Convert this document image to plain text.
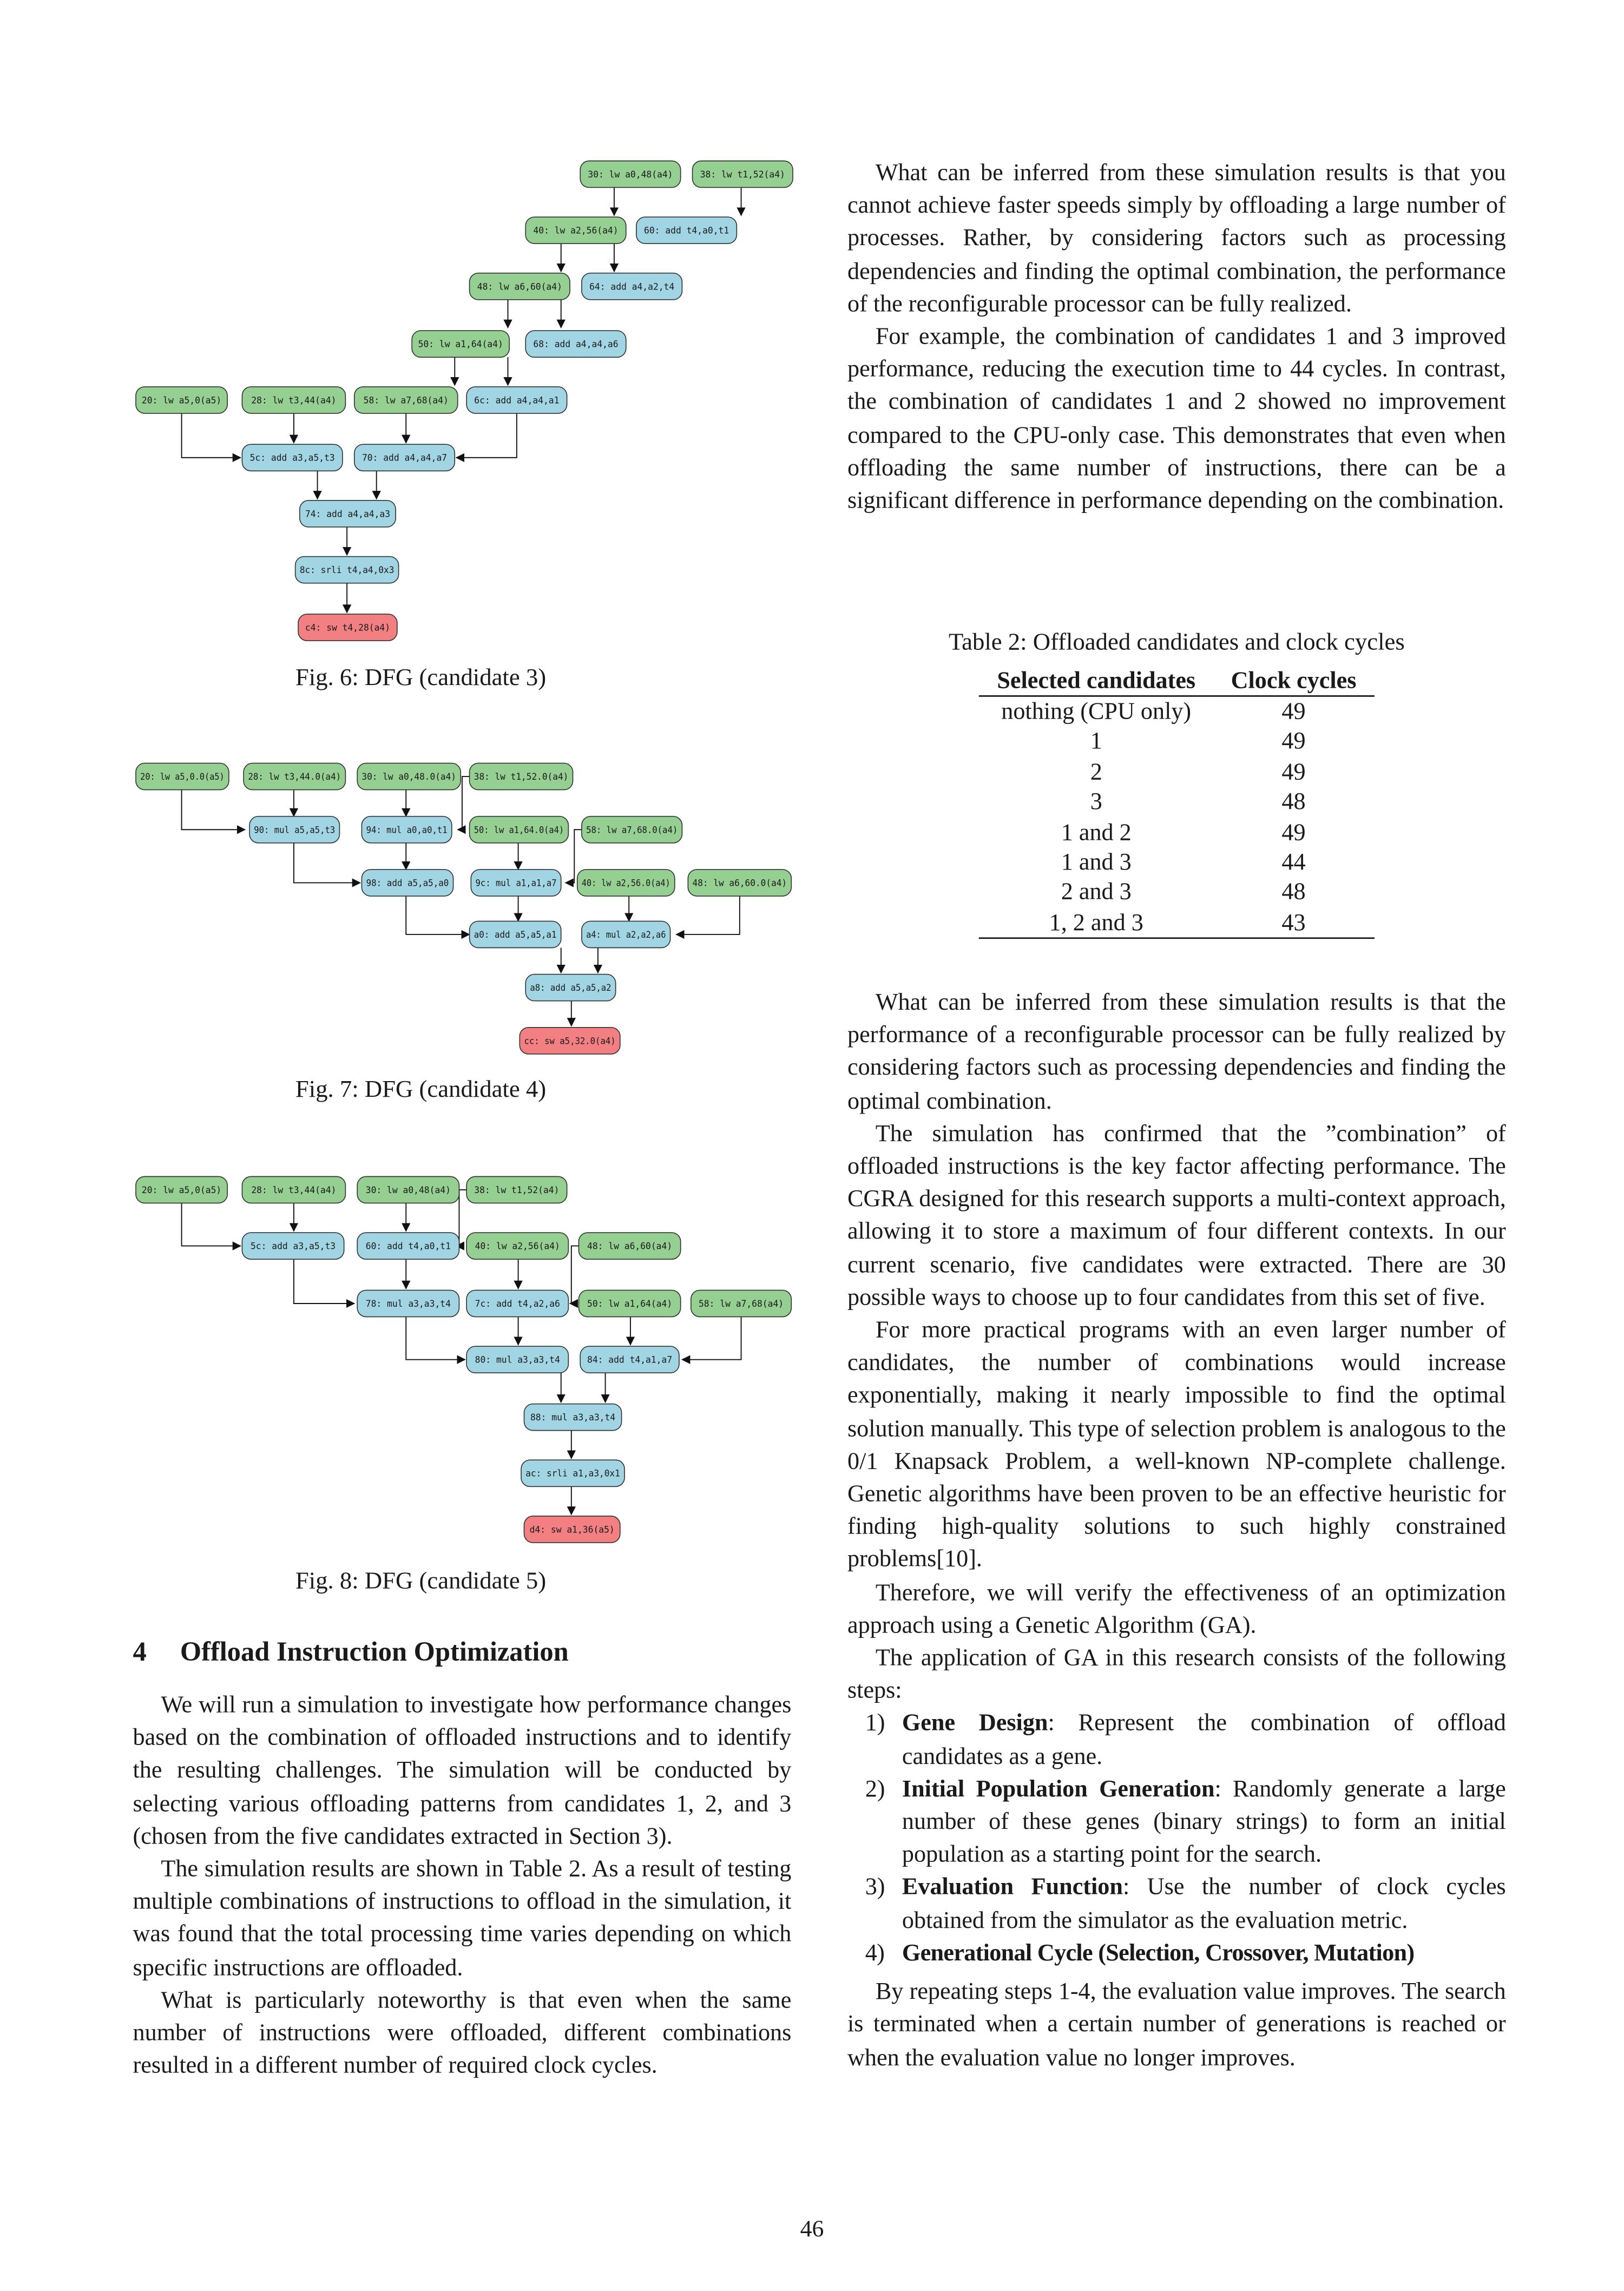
30: lw a0,48(a4)	38: lw t1,52(a4)
40: lw a2,56(a4)	60: add t4,a0,t1
48: lw a6,60(a4)	64: add a4,a2,t4
50: lw a1,64(a4)	68: add a4,a4,a6
20: lw a5,0(a5)	28: lw t3,44(a4)	58: lw a7,68(a4)	6c: add a4,a4,a1
5c: add a3,a5,t3	70: add a4,a4,a7
74: add a4,a4,a3
8c: srli t4,a4,0x3
c4: sw t4,28(a4)
Fig. 6: DFG (candidate 3)
20: lw a5,0.0(a5)	28: lw t3,44.0(a4)	30: lw a0,48.0(a4)	38: lw t1,52.0(a4)
90: mul a5,a5,t3	94: mul a0,a0,t1	50: lw a1,64.0(a4)	58: lw a7,68.0(a4)
98: add a5,a5,a0	9c: mul a1,a1,a7	40: lw a2,56.0(a4)	48: lw a6,60.0(a4)
a0: add a5,a5,a1	a4: mul a2,a2,a6
a8: add a5,a5,a2
cc: sw a5,32.0(a4)
Fig. 7: DFG (candidate 4)
20: lw a5,0(a5)	28: lw t3,44(a4)	30: lw a0,48(a4)	38: lw t1,52(a4)
5c: add a3,a5,t3	60: add t4,a0,t1	40: lw a2,56(a4)	48: lw a6,60(a4)
78: mul a3,a3,t4	7c: add t4,a2,a6	50: lw a1,64(a4)	58: lw a7,68(a4)
80: mul a3,a3,t4	84: add t4,a1,a7
88: mul a3,a3,t4
ac: srli a1,a3,0x1
d4: sw a1,36(a5)
Fig. 8: DFG (candidate 5)
4	Offload Instruction Optimization

We will run a simulation to investigate how performance changes based on the combination of offloaded instructions and to identify the resulting challenges. The simulation will be conducted by selecting various offloading patterns from candidates 1, 2, and 3 (chosen from the five candidates extracted in Section 3).

The simulation results are shown in Table 2. As a result of testing multiple combinations of instructions to offload in the simulation, it was found that the total processing time varies depending on which specific instructions are offloaded.

What is particularly noteworthy is that even when the same number of instructions were offloaded, different combinations resulted in a different number of required clock cycles.

What can be inferred from these simulation results is that you cannot achieve faster speeds simply by offloading a large number of processes. Rather, by considering factors such as processing dependencies and finding the optimal combination, the performance of the reconfigurable processor can be fully realized.

For example, the combination of candidates 1 and 3 improved performance, reducing the execution time to 44 cycles. In contrast, the combination of candidates 1 and 2 showed no improvement compared to the CPU-only case. This demonstrates that even when offloading the same number of instructions, there can be a significant difference in performance depending on the combination.

Table 2: Offloaded candidates and clock cycles
Selected candidates	Clock cycles
nothing (CPU only)	49
1	49
2	49
3	48
1 and 2	49
1 and 3	44
2 and 3	48
1, 2 and 3	43

What can be inferred from these simulation results is that the performance of a reconfigurable processor can be fully realized by considering factors such as processing dependencies and finding the optimal combination.

The simulation has confirmed that the ”combination” of offloaded instructions is the key factor affecting performance. The CGRA designed for this research supports a multi-context approach, allowing it to store a maximum of four different contexts. In our current scenario, five candidates were extracted. There are 30 possible ways to choose up to four candidates from this set of five.

For more practical programs with an even larger number of candidates, the number of combinations would increase exponentially, making it nearly impossible to find the optimal solution manually. This type of selection problem is analogous to the 0/1 Knapsack Problem, a well-known NP-complete challenge. Genetic algorithms have been proven to be an effective heuristic for finding high-quality solutions to such highly constrained problems[10].

Therefore, we will verify the effectiveness of an optimization approach using a Genetic Algorithm (GA).

The application of GA in this research consists of the following steps:

1) Gene Design: Represent the combination of offload candidates as a gene.
2) Initial Population Generation: Randomly generate a large number of these genes (binary strings) to form an initial population as a starting point for the search.
3) Evaluation Function: Use the number of clock cycles obtained from the simulator as the evaluation metric.
4) Generational Cycle (Selection, Crossover, Mutation)

By repeating steps 1-4, the evaluation value improves. The search is terminated when a certain number of generations is reached or when the evaluation value no longer improves.

46
